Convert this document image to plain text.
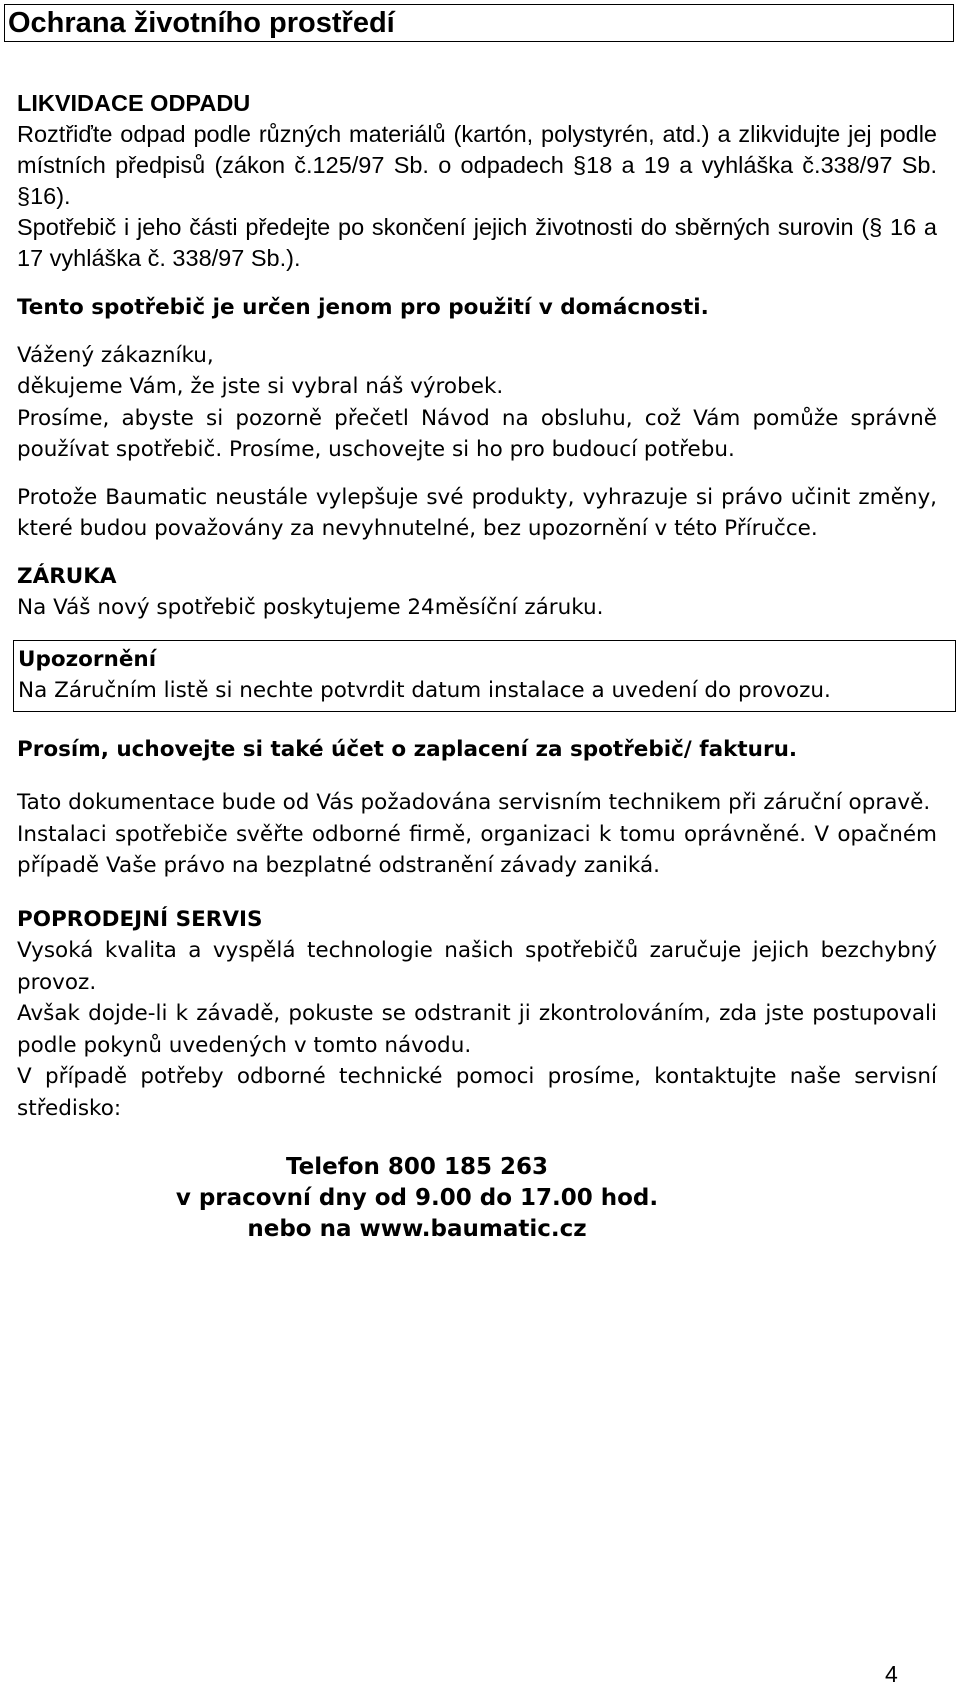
Ochrana životního prostředí

LIKVIDACE ODPADU

Roztřiďte odpad podle různých materiálů (kartón, polystyrén, atd.) a zlikvidujte jej podle místních předpisů (zákon č.125/97 Sb. o odpadech §18 a 19 a vyhláška č.338/97 Sb. §16).

Spotřebič i jeho části předejte po skončení jejich životnosti do sběrných surovin (§ 16 a 17 vyhláška č. 338/97 Sb.).

Tento spotřebič je určen jenom pro použití v domácnosti.

Vážený zákazníku,

děkujeme Vám, že jste si vybral náš výrobek.

Prosíme, abyste si pozorně přečetl Návod na obsluhu, což Vám pomůže správně používat spotřebič. Prosíme, uschovejte si ho pro budoucí potřebu.

Protože Baumatic neustále vylepšuje své produkty, vyhrazuje si právo učinit změny, které budou považovány za nevyhnutelné, bez upozornění v této Příručce.

ZÁRUKA

Na Váš nový spotřebič poskytujeme 24měsíční záruku.

Upozornění

Na Záručním listě si nechte potvrdit datum instalace a uvedení do provozu.

Prosím, uchovejte si také účet o zaplacení za spotřebič/ fakturu.

Tato dokumentace bude od Vás požadována servisním technikem při záruční opravě.

Instalaci spotřebiče svěřte odborné firmě, organizaci k tomu oprávněné. V opačném případě Vaše právo na bezplatné odstranění závady zaniká.

POPRODEJNÍ SERVIS

Vysoká kvalita a vyspělá technologie našich spotřebičů zaručuje jejich bezchybný provoz.

Avšak dojde-li k závadě, pokuste se odstranit ji zkontrolováním, zda jste postupovali podle pokynů uvedených v tomto návodu.

V případě potřeby odborné technické pomoci prosíme, kontaktujte naše servisní středisko:

Telefon 800 185 263

v pracovní dny od 9.00 do 17.00 hod.

nebo na www.baumatic.cz

4
